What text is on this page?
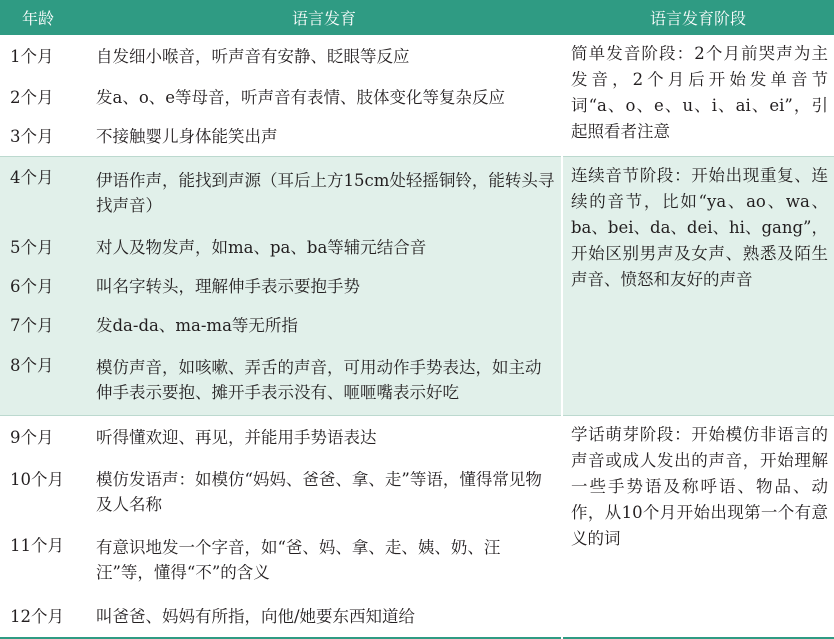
年龄	语言发育	语言发育阶段
1个月	自发细小喉音，听声音有安静、眨眼等反应	简单发音阶段：2个月前哭声为主发音，2个月后开始发单音节词“a、o、e、u、i、ai、ei”，引起照看者注意
2个月	发a、o、e等母音，听声音有表情、肢体变化等复杂反应	
3个月	不接触婴儿身体能笑出声	
4个月	伊语作声，能找到声源（耳后上方15cm处轻摇铜铃，能转头寻找声音）	连续音节阶段：开始出现重复、连续的音节，比如“ya、ao、wa、ba、bei、da、dei、hi、gang”，开始区别男声及女声、熟悉及陌生声音、愤怒和友好的声音
5个月	对人及物发声，如ma、pa、ba等辅元结合音	
6个月	叫名字转头，理解伸手表示要抱手势	
7个月	发da-da、ma-ma等无所指	
8个月	模仿声音，如咳嗽、弄舌的声音，可用动作手势表达，如主动伸手表示要抱、摊开手表示没有、咂咂嘴表示好吃	
9个月	听得懂欢迎、再见，并能用手势语表达	学话萌芽阶段：开始模仿非语言的声音或成人发出的声音，开始理解一些手势语及称呼语、物品、动作，从10个月开始出现第一个有意义的词
10个月	模仿发语声：如模仿“妈妈、爸爸、拿、走”等语，懂得常见物及人名称	
11个月	有意识地发一个字音，如“爸、妈、拿、走、姨、奶、汪汪”等，懂得“不”的含义	
12个月	叫爸爸、妈妈有所指，向他/她要东西知道给	
